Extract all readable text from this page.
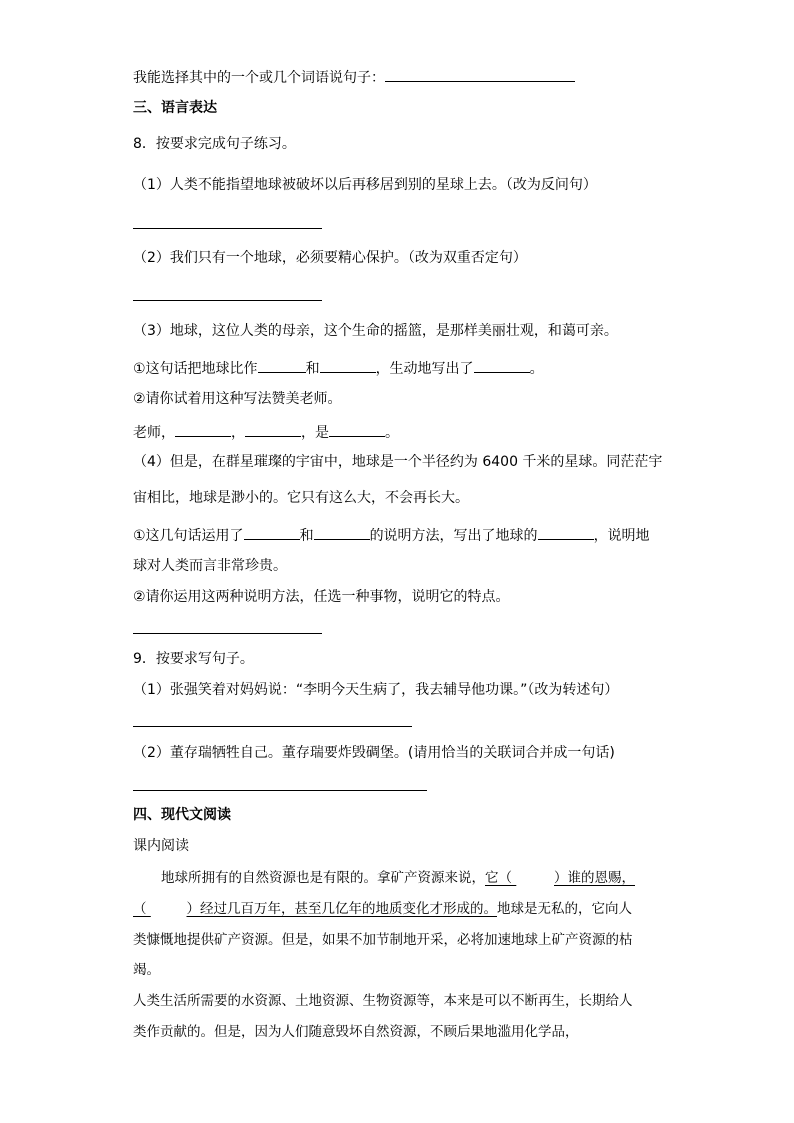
我能选择其中的一个或几个词语说句子：
三、语言表达
8．按要求完成句子练习。
（1）人类不能指望地球被破坏以后再移居到别的星球上去。（改为反问句）
（2）我们只有一个地球，必须要精心保护。（改为双重否定句）
（3）地球，这位人类的母亲，这个生命的摇篮，是那样美丽壮观，和蔼可亲。
①这句话把地球比作	和	，生动地写出了	。
②请你试着用这种写法赞美老师。
老师，	，	，是	。
（4）但是，在群星璀璨的宇宙中，地球是一个半径约为 6400 千米的星球。同茫茫宇
宙相比，地球是渺小的。它只有这么大，不会再长大。
①这几句话运用了	和	的说明方法，写出了地球的	，说明地
球对人类而言非常珍贵。
②请你运用这两种说明方法，任选一种事物，说明它的特点。
9．按要求写句子。
（1）张强笑着对妈妈说：“李明今天生病了，我去辅导他功课。”（改为转述句）
（2）董存瑞牺牲自己。董存瑞要炸毁碉堡。(请用恰当的关联词合并成一句话)
四、现代文阅读
课内阅读
地球所拥有的自然资源也是有限的。拿矿产资源来说，它（	）谁的恩赐，
（	）经过几百万年，甚至几亿年的地质变化才形成的。地球是无私的，它向人
类慷慨地提供矿产资源。但是，如果不加节制地开采，必将加速地球上矿产资源的枯
竭。
人类生活所需要的水资源、土地资源、生物资源等，本来是可以不断再生，长期给人
类作贡献的。但是，因为人们随意毁坏自然资源，不顾后果地滥用化学品，
